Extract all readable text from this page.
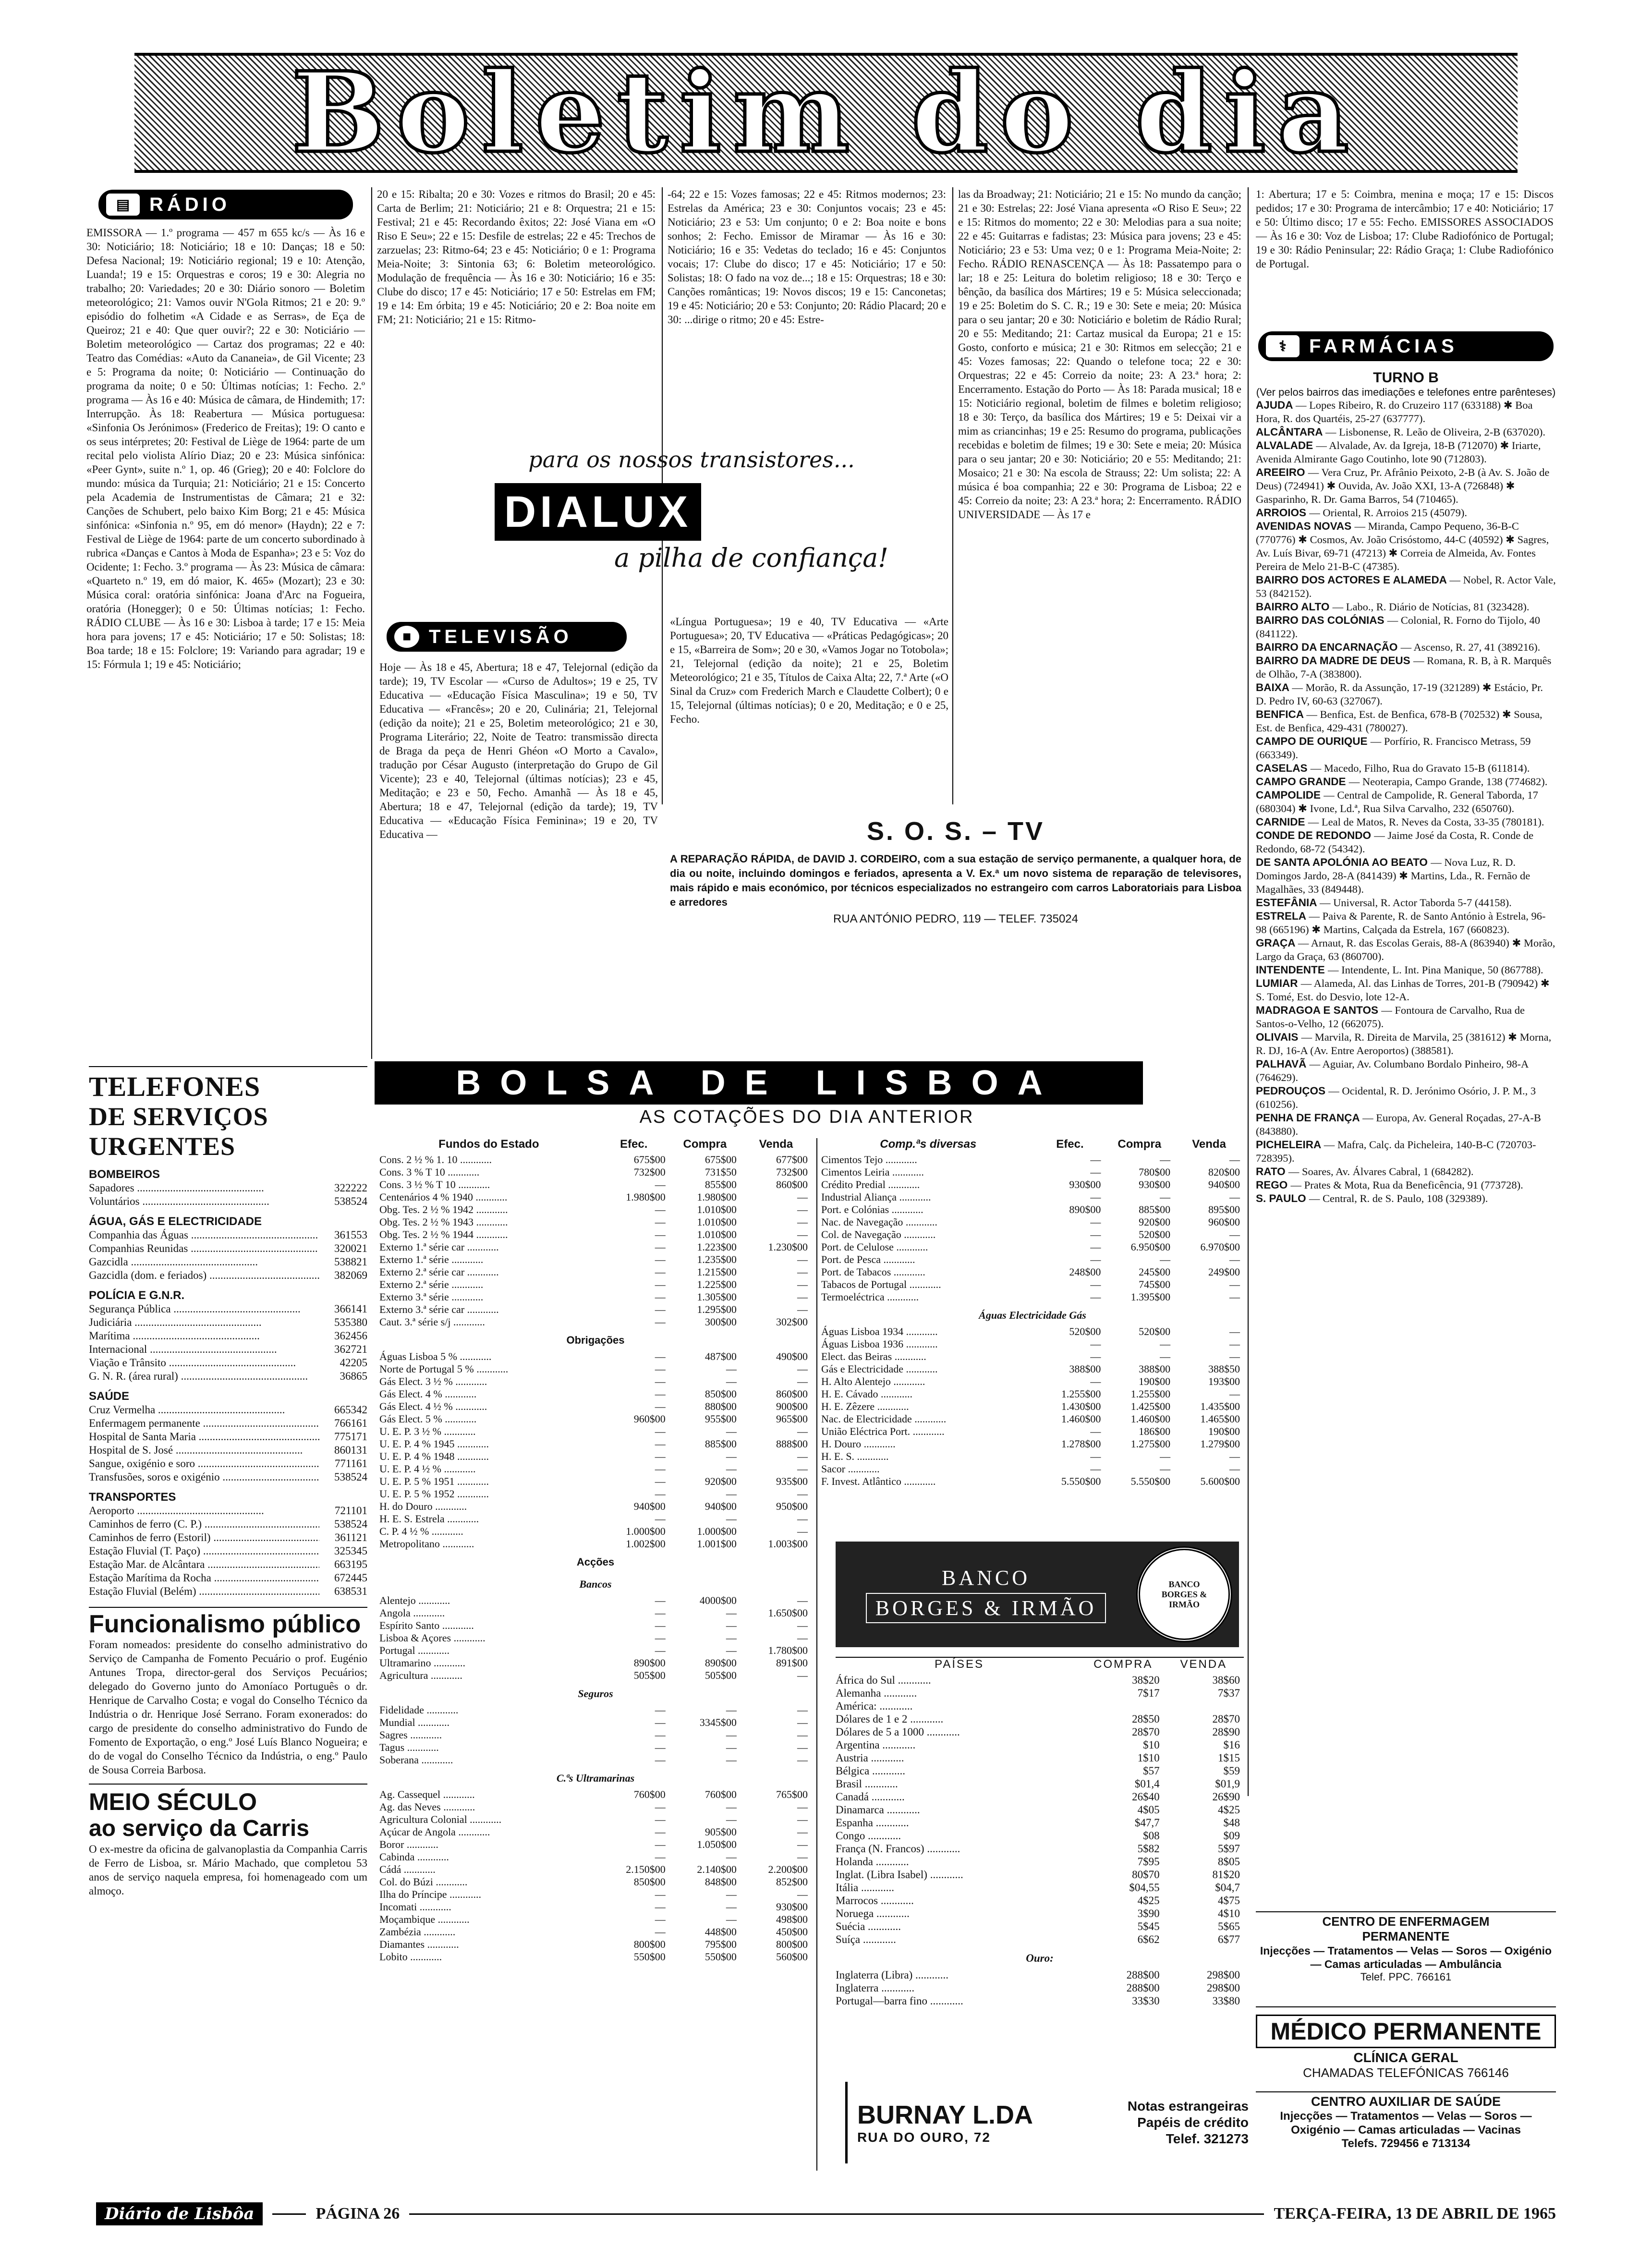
Boletim do dia
▤	RÁDIO
EMISSORA — 1.º programa — 457 m 655 kc/s — Às 16 e 30: Noticiário; 18: Noticiário; 18 e 10: Danças; 18 e 50: Defesa Nacional; 19: Noticiário regional; 19 e 10: Atenção, Luanda!; 19 e 15: Orquestras e coros; 19 e 30: Alegria no trabalho; 20: Variedades; 20 e 30: Diário sonoro — Boletim meteorológico; 21: Vamos ouvir N'Gola Ritmos; 21 e 20: 9.º episódio do folhetim «A Cidade e as Serras», de Eça de Queiroz; 21 e 40: Que quer ouvir?; 22 e 30: Noticiário — Boletim meteorológico — Cartaz dos programas; 22 e 40: Teatro das Comédias: «Auto da Cananeia», de Gil Vicente; 23 e 5: Programa da noite; 0: Noticiário — Continuação do programa da noite; 0 e 50: Últimas notícias; 1: Fecho. 2.º programa — Às 16 e 40: Música de câmara, de Hindemith; 17: Interrupção. Às 18: Reabertura — Música portuguesa: «Sinfonia Os Jerónimos» (Frederico de Freitas); 19: O canto e os seus intérpretes; 20: Festival de Liège de 1964: parte de um recital pelo violista Alírio Diaz; 20 e 23: Música sinfónica: «Peer Gynt», suite n.º 1, op. 46 (Grieg); 20 e 40: Folclore do mundo: música da Turquia; 21: Noticiário; 21 e 15: Concerto pela Academia de Instrumentistas de Câmara; 21 e 32: Canções de Schubert, pelo baixo Kim Borg; 21 e 45: Música sinfónica: «Sinfonia n.º 95, em dó menor» (Haydn); 22 e 7: Festival de Liège de 1964: parte de um concerto subordinado à rubrica «Danças e Cantos à Moda de Espanha»; 23 e 5: Voz do Ocidente; 1: Fecho. 3.º programa — Às 23: Música de câmara: «Quarteto n.º 19, em dó maior, K. 465» (Mozart); 23 e 30: Música coral: oratória sinfónica: Joana d'Arc na Fogueira, oratória (Honegger); 0 e 50: Últimas notícias; 1: Fecho. RÁDIO CLUBE — Às 16 e 30: Lisboa à tarde; 17 e 15: Meia hora para jovens; 17 e 45: Noticiário; 17 e 50: Solistas; 18: Boa tarde; 18 e 15: Folclore; 19: Variando para agradar; 19 e 15: Fórmula 1; 19 e 45: Noticiário;
20 e 15: Ribalta; 20 e 30: Vozes e ritmos do Brasil; 20 e 45: Carta de Berlim; 21: Noticiário; 21 e 8: Orquestra; 21 e 15: Festival; 21 e 45: Recordando êxitos; 22: José Viana em «O Riso E Seu»; 22 e 15: Desfile de estrelas; 22 e 45: Trechos de zarzuelas; 23: Ritmo-64; 23 e 45: Noticiário; 0 e 1: Programa Meia-Noite; 3: Sintonia 63; 6: Boletim meteorológico. Modulação de frequência — Às 16 e 30: Noticiário; 16 e 35: Clube do disco; 17 e 45: Noticiário; 17 e 50: Estrelas em FM; 19 e 14: Em órbita; 19 e 45: Noticiário; 20 e 2: Boa noite em FM; 21: Noticiário; 21 e 15: Ritmo-
-64; 22 e 15: Vozes famosas; 22 e 45: Ritmos modernos; 23: Estrelas da América; 23 e 30: Conjuntos vocais; 23 e 45: Noticiário; 23 e 53: Um conjunto; 0 e 2: Boa noite e bons sonhos; 2: Fecho. Emissor de Miramar — Às 16 e 30: Noticiário; 16 e 35: Vedetas do teclado; 16 e 45: Conjuntos vocais; 17: Clube do disco; 17 e 45: Noticiário; 17 e 50: Solistas; 18: O fado na voz de...; 18 e 15: Orquestras; 18 e 30: Canções românticas; 19: Novos discos; 19 e 15: Canconetas; 19 e 45: Noticiário; 20 e 53: Conjunto; 20: Rádio Placard; 20 e 30: ...dirige o ritmo; 20 e 45: Estre-
las da Broadway; 21: Noticiário; 21 e 15: No mundo da canção; 21 e 30: Estrelas; 22: José Viana apresenta «O Riso E Seu»; 22 e 15: Ritmos do momento; 22 e 30: Melodias para a sua noite; 22 e 45: Guitarras e fadistas; 23: Música para jovens; 23 e 45: Noticiário; 23 e 53: Uma vez; 0 e 1: Programa Meia-Noite; 2: Fecho. RÁDIO RENASCENÇA — Às 18: Passatempo para o lar; 18 e 25: Leitura do boletim religioso; 18 e 30: Terço e bênção, da basílica dos Mártires; 19 e 5: Música seleccionada; 19 e 25: Boletim do S. C. R.; 19 e 30: Sete e meia; 20: Música para o seu jantar; 20 e 30: Noticiário e boletim de Rádio Rural; 20 e 55: Meditando; 21: Cartaz musical da Europa; 21 e 15: Gosto, conforto e música; 21 e 30: Ritmos em selecção; 21 e 45: Vozes famosas; 22: Quando o telefone toca; 22 e 30: Orquestras; 22 e 45: Correio da noite; 23: A 23.ª hora; 2: Encerramento. Estação do Porto — Às 18: Parada musical; 18 e 15: Noticiário regional, boletim de filmes e boletim religioso; 18 e 30: Terço, da basílica dos Mártires; 19 e 5: Deixai vir a mim as criancinhas; 19 e 25: Resumo do programa, publicações recebidas e boletim de filmes; 19 e 30: Sete e meia; 20: Música para o seu jantar; 20 e 30: Noticiário; 20 e 55: Meditando; 21: Mosaico; 21 e 30: Na escola de Strauss; 22: Um solista; 22: A música é boa companhia; 22 e 30: Programa de Lisboa; 22 e 45: Correio da noite; 23: A 23.ª hora; 2: Encerramento. RÁDIO UNIVERSIDADE — Às 17 e
1: Abertura; 17 e 5: Coimbra, menina e moça; 17 e 15: Discos pedidos; 17 e 30: Programa de intercâmbio; 17 e 40: Noticiário; 17 e 50: Último disco; 17 e 55: Fecho. EMISSORES ASSOCIADOS — Às 16 e 30: Voz de Lisboa; 17: Clube Radiofónico de Portugal; 19 e 30: Rádio Peninsular; 22: Rádio Graça; 1: Clube Radiofónico de Portugal.
para os nossos transistores...
DIALUX
a pilha de confiança!
■ TELEVISÃO
Hoje — Às 18 e 45, Abertura; 18 e 47, Telejornal (edição da tarde); 19, TV Escolar — «Curso de Adultos»; 19 e 25, TV Educativa — «Educação Física Masculina»; 19 e 50, TV Educativa — «Francês»; 20 e 20, Culinária; 21, Telejornal (edição da noite); 21 e 25, Boletim meteorológico; 21 e 30, Programa Literário; 22, Noite de Teatro: transmissão directa de Braga da peça de Henri Ghéon «O Morto a Cavalo», tradução por César Augusto (interpretação do Grupo de Gil Vicente); 23 e 40, Telejornal (últimas notícias); 23 e 45, Meditação; e 23 e 50, Fecho. Amanhã — Às 18 e 45, Abertura; 18 e 47, Telejornal (edição da tarde); 19, TV Educativa — «Educação Física Feminina»; 19 e 20, TV Educativa —
«Língua Portuguesa»; 19 e 40, TV Educativa — «Arte Portuguesa»; 20, TV Educativa — «Práticas Pedagógicas»; 20 e 15, «Barreira de Som»; 20 e 30, «Vamos Jogar no Totobola»; 21, Telejornal (edição da noite); 21 e 25, Boletim Meteorológico; 21 e 35, Títulos de Caixa Alta; 22, 7.ª Arte («O Sinal da Cruz» com Frederich March e Claudette Colbert); 0 e 15, Telejornal (últimas notícias); 0 e 20, Meditação; e 0 e 25, Fecho.
S. O. S. – TV
A REPARAÇÃO RÁPIDA, de DAVID J. CORDEIRO, com a sua estação de serviço permanente, a qualquer hora, de dia ou noite, incluindo domingos e feriados, apresenta a V. Ex.ª um novo sistema de reparação de televisores, mais rápido e mais económico, por técnicos especializados no estrangeiro com carros Laboratoriais para Lisboa e arredores
RUA ANTÓNIO PEDRO, 119 — TELEF. 735024
BOLSA DE LISBOA
AS COTAÇÕES DO DIA ANTERIOR
TELEFONES
DE SERVIÇOS URGENTES
BOMBEIROS
Sapadores .....	322222
Voluntários .....	538524
ÁGUA, GÁS E ELECTRICIDADE
Companhia das Águas .....	361553
Companhias Reunidas .....	320021
Gazcidla .....	538821
Gazcidla (dom. e feriados) .....	382069
POLÍCIA E G.N.R.
Segurança Pública .....	366141
Judiciária .....	535380
Marítima .....	362456
Internacional .....	362721
Viação e Trânsito .....	42205
G. N. R. (área rural) .....	36865
SAÚDE
Cruz Vermelha .....	665342
Enfermagem permanente .....	766161
Hospital de Santa Maria .....	775171
Hospital de S. José .....	860131
Sangue, oxigénio e soro .....	771161
Transfusões, soros e oxigénio .....	538524
TRANSPORTES
Aeroporto .....	721101
Caminhos de ferro (C. P.) .....	538524
Caminhos de ferro (Estoril) .....	361121
Estação Fluvial (T. Paço) .....	325345
Estação Mar. de Alcântara .....	663195
Estação Marítima da Rocha .....	672445
Estação Fluvial (Belém) .....	638531
Funcionalismo público
Foram nomeados: presidente do conselho administrativo do Serviço de Campanha de Fomento Pecuário o prof. Eugénio Antunes Tropa, director-geral dos Serviços Pecuários; delegado do Governo junto do Amoníaco Português o dr. Henrique de Carvalho Costa; e vogal do Conselho Técnico da Indústria o dr. Henrique José Serrano. Foram exonerados: do cargo de presidente do conselho administrativo do Fundo de Fomento de Exportação, o eng.º José Luís Blanco Nogueira; e do de vogal do Conselho Técnico da Indústria, o eng.º Paulo de Sousa Correia Barbosa.
MEIO SÉCULO
ao serviço da Carris
O ex-mestre da oficina de galvanoplastia da Companhia Carris de Ferro de Lisboa, sr. Mário Machado, que completou 53 anos de serviço naquela empresa, foi homenageado com um almoço.
Fundos do Estado	Efec.	Compra	Venda
Cons. 2 ½ % 1. 10 ............	675$00	675$00	677$00
Cons. 3 % T 10 ............	732$00	731$50	732$00
Cons. 3 ½ % T 10 ............	—	855$00	860$00
Centenários 4 % 1940 ............	1.980$00	1.980$00	—
Obg. Tes. 2 ½ % 1942 ............	—	1.010$00	—
Obg. Tes. 2 ½ % 1943 ............	—	1.010$00	—
Obg. Tes. 2 ½ % 1944 ............	—	1.010$00	—
Externo 1.ª série car ............	—	1.223$00	1.230$00
Externo 1.ª série ............	—	1.235$00	—
Externo 2.ª série car ............	—	1.215$00	—
Externo 2.ª série ............	—	1.225$00	—
Externo 3.ª série ............	—	1.305$00	—
Externo 3.ª série car ............	—	1.295$00	—
Caut. 3.ª série s/j ............	—	300$00	302$00
Obrigações			
Águas Lisboa 5 % ............	—	487$00	490$00
Norte de Portugal 5 % ............	—	—	—
Gás Elect. 3 ½ % ............	—	—	—
Gás Elect. 4 % ............	—	850$00	860$00
Gás Elect. 4 ½ % ............	—	880$00	900$00
Gás Elect. 5 % ............	960$00	955$00	965$00
U. E. P. 3 ½ % ............	—	—	—
U. E. P. 4 % 1945 ............	—	885$00	888$00
U. E. P. 4 % 1948 ............	—	—	—
U. E. P. 4 ½ % ............	—	—	—
U. E. P. 5 % 1951 ............	—	920$00	935$00
U. E. P. 5 % 1952 ............	—	—	—
H. do Douro ............	940$00	940$00	950$00
H. E. S. Estrela ............	—	—	—
C. P. 4 ½ % ............	1.000$00	1.000$00	—
Metropolitano ............	1.002$00	1.001$00	1.003$00
Acções			
Bancos			
Alentejo ............	—	4000$00	—
Angola ............	—	—	1.650$00
Espírito Santo ............	—	—	—
Lisboa & Açores ............	—	—	—
Portugal ............	—	—	1.780$00
Ultramarino ............	890$00	890$00	891$00
Agricultura ............	505$00	505$00	—
Seguros			
Fidelidade ............	—	—	—
Mundial ............	—	3345$00	—
Sagres ............	—	—	—
Tagus ............	—	—	—
Soberana ............	—	—	—
C.ªs Ultramarinas			
Ag. Cassequel ............	760$00	760$00	765$00
Ag. das Neves ............	—	—	—
Agricultura Colonial ............	—	—	—
Açúcar de Angola ............	—	905$00	—
Boror ............	—	1.050$00	—
Cabinda ............	—	—	—
Cádá ............	2.150$00	2.140$00	2.200$00
Col. do Búzi ............	850$00	848$00	852$00
Ilha do Príncipe ............	—	—	—
Incomati ............	—	—	930$00
Moçambique ............	—	—	498$00
Zambézia ............	—	448$00	450$00
Diamantes ............	800$00	795$00	800$00
Lobito ............	550$00	550$00	560$00
Comp.ªs diversas	Efec.	Compra	Venda
Cimentos Tejo ............	—	—	—
Cimentos Leiria ............	—	780$00	820$00
Crédito Predial ............	930$00	930$00	940$00
Industrial Aliança ............	—	—	—
Port. e Colónias ............	890$00	885$00	895$00
Nac. de Navegação ............	—	920$00	960$00
Col. de Navegação ............	—	520$00	—
Port. de Celulose ............	—	6.950$00	6.970$00
Port. de Pesca ............	—	—	—
Port. de Tabacos ............	248$00	245$00	249$00
Tabacos de Portugal ............	—	745$00	—
Termoeléctrica ............	—	1.395$00	—
Águas Electricidade Gás			
Águas Lisboa 1934 ............	520$00	520$00	—
Águas Lisboa 1936 ............	—	—	—
Elect. das Beiras ............	—	—	—
Gás e Electricidade ............	388$00	388$00	388$50
H. Alto Alentejo ............	—	190$00	193$00
H. E. Cávado ............	1.255$00	1.255$00	—
H. E. Zêzere ............	1.430$00	1.425$00	1.435$00
Nac. de Electricidade ............	1.460$00	1.460$00	1.465$00
União Eléctrica Port. ............	—	186$00	190$00
H. Douro ............	1.278$00	1.275$00	1.279$00
H. E. S. ............	—	—	—
Sacor ............	—	—	—
F. Invest. Atlântico ............	5.550$00	5.550$00	5.600$00
BANCO
BORGES & IRMÃO
BANCO BORGES & IRMÃO
PAÍSES	COMPRA	VENDA
África do Sul ............	38$20	38$60
Alemanha ............	7$17	7$37
América: ............		
Dólares de 1 e 2 ............	28$50	28$70
Dólares de 5 a 1000 ............	28$70	28$90
Argentina ............	$10	$16
Austria ............	1$10	1$15
Bélgica ............	$57	$59
Brasil ............	$01,4	$01,9
Canadá ............	26$40	26$90
Dinamarca ............	4$05	4$25
Espanha ............	$47,7	$48
Congo ............	$08	$09
França (N. Francos) ............	5$82	5$97
Holanda ............	7$95	8$05
Inglat. (Libra Isabel) ............	80$70	81$20
Itália ............	$04,55	$04,7
Marrocos ............	4$25	4$75
Noruega ............	3$90	4$10
Suécia ............	5$45	5$65
Suíça ............	6$62	6$77
Ouro:		
Inglaterra (Libra) ............	288$00	298$00
Inglaterra ............	288$00	298$00
Portugal—barra fino ............	33$30	33$80
BURNAY L.DA
RUA DO OURO, 72
Notas estrangeiras
Papéis de crédito
Telef. 321273
⚕	FARMÁCIAS
TURNO B
(Ver pelos bairros das imediações e telefones entre parênteses)
AJUDA — Lopes Ribeiro, R. do Cruzeiro 117 (633188) ✱ Boa Hora, R. dos Quartéis, 25-27 (637777).
ALCÂNTARA — Lisbonense, R. Leão de Oliveira, 2-B (637020).
ALVALADE — Alvalade, Av. da Igreja, 18-B (712070) ✱ Iriarte, Avenida Almirante Gago Coutinho, lote 90 (712803).
AREEIRO — Vera Cruz, Pr. Afrânio Peixoto, 2-B (à Av. S. João de Deus) (724941) ✱ Ouvida, Av. João XXI, 13-A (726848) ✱ Gasparinho, R. Dr. Gama Barros, 54 (710465).
ARROIOS — Oriental, R. Arroios 215 (45079).
AVENIDAS NOVAS — Miranda, Campo Pequeno, 36-B-C (770776) ✱ Cosmos, Av. João Crisóstomo, 44-C (40592) ✱ Sagres, Av. Luís Bivar, 69-71 (47213) ✱ Correia de Almeida, Av. Fontes Pereira de Melo 21-B-C (47385).
BAIRRO DOS ACTORES E ALAMEDA — Nobel, R. Actor Vale, 53 (842152).
BAIRRO ALTO — Labo., R. Diário de Notícias, 81 (323428).
BAIRRO DAS COLÓNIAS — Colonial, R. Forno do Tijolo, 40 (841122).
BAIRRO DA ENCARNAÇÃO — Ascenso, R. 27, 41 (389216).
BAIRRO DA MADRE DE DEUS — Romana, R. B, à R. Marquês de Olhão, 7-A (383800).
BAIXA — Morão, R. da Assunção, 17-19 (321289) ✱ Estácio, Pr. D. Pedro IV, 60-63 (327067).
BENFICA — Benfica, Est. de Benfica, 678-B (702532) ✱ Sousa, Est. de Benfica, 429-431 (780027).
CAMPO DE OURIQUE — Porfírio, R. Francisco Metrass, 59 (663349).
CASELAS — Macedo, Filho, Rua do Gravato 15-B (611814).
CAMPO GRANDE — Neoterapia, Campo Grande, 138 (774682).
CAMPOLIDE — Central de Campolide, R. General Taborda, 17 (680304) ✱ Ivone, Ld.ª, Rua Silva Carvalho, 232 (650760).
CARNIDE — Leal de Matos, R. Neves da Costa, 33-35 (780181).
CONDE DE REDONDO — Jaime José da Costa, R. Conde de Redondo, 68-72 (54342).
DE SANTA APOLÓNIA AO BEATO — Nova Luz, R. D. Domingos Jardo, 28-A (841439) ✱ Martins, Lda., R. Fernão de Magalhães, 33 (849448).
ESTEFÂNIA — Universal, R. Actor Taborda 5-7 (44158).
ESTRELA — Paiva & Parente, R. de Santo António à Estrela, 96-98 (665196) ✱ Martins, Calçada da Estrela, 167 (660823).
GRAÇA — Arnaut, R. das Escolas Gerais, 88-A (863940) ✱ Morão, Largo da Graça, 63 (860700).
INTENDENTE — Intendente, L. Int. Pina Manique, 50 (867788).
LUMIAR — Alameda, Al. das Linhas de Torres, 201-B (790942) ✱ S. Tomé, Est. do Desvio, lote 12-A.
MADRAGOA E SANTOS — Fontoura de Carvalho, Rua de Santos-o-Velho, 12 (662075).
OLIVAIS — Marvila, R. Direita de Marvila, 25 (381612) ✱ Morna, R. DJ, 16-A (Av. Entre Aeroportos) (388581).
PALHAVÃ — Aguiar, Av. Columbano Bordalo Pinheiro, 98-A (764629).
PEDROUÇOS — Ocidental, R. D. Jerónimo Osório, J. P. M., 3 (610256).
PENHA DE FRANÇA — Europa, Av. General Roçadas, 27-A-B (843880).
PICHELEIRA — Mafra, Calç. da Picheleira, 140-B-C (720703-728395).
RATO — Soares, Av. Álvares Cabral, 1 (684282).
REGO — Prates & Mota, Rua da Beneficência, 91 (773728).
S. PAULO — Central, R. de S. Paulo, 108 (329389).
CENTRO DE ENFERMAGEM
PERMANENTE
Injecções — Tratamentos — Velas — Soros — Oxigénio — Camas articuladas — Ambulância
Telef. PPC. 766161
MÉDICO PERMANENTE
CLÍNICA GERAL
CHAMADAS TELEFÓNICAS 766146
CENTRO AUXILIAR DE SAÚDE
Injecções — Tratamentos — Velas — Soros — Oxigénio — Camas articuladas — Vacinas
Telefs. 729456 e 713134
Diário de Lisbôa	PÁGINA 26	TERÇA-FEIRA, 13 DE ABRIL DE 1965
